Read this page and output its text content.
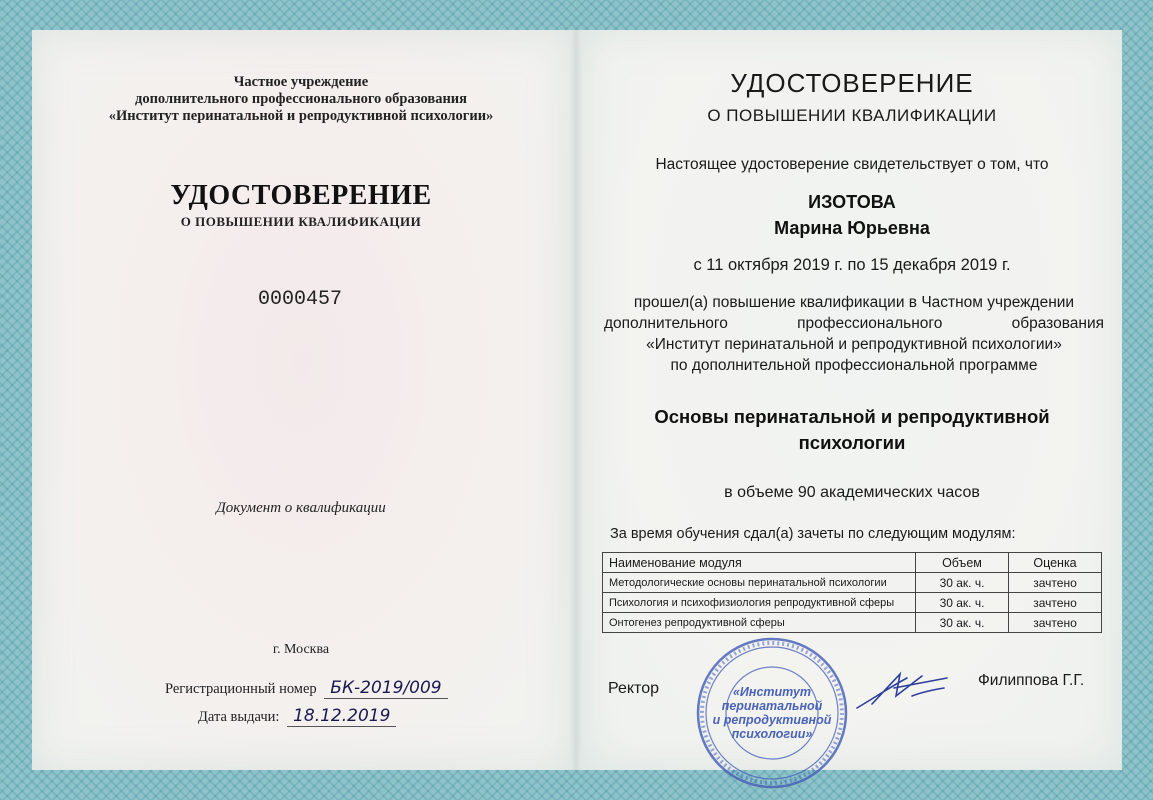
Частное учреждение
дополнительного профессионального образования
«Институт перинатальной и репродуктивной психологии»
УДОСТОВЕРЕНИЕ
О ПОВЫШЕНИИ КВАЛИФИКАЦИИ
0000457
Документ о квалификации
г. Москва
Регистрационный номер БК-2019/009
Дата выдачи: 18.12.2019
УДОСТОВЕРЕНИЕ
О ПОВЫШЕНИИ КВАЛИФИКАЦИИ
Настоящее удостоверение свидетельствует о том, что
ИЗОТОВА
Марина Юрьевна
с 11 октября 2019 г. по 15 декабря 2019 г.
прошел(а) повышение квалификации в Частном учреждении
дополнительного профессионального образования
«Институт перинатальной и репродуктивной психологии»
по дополнительной профессиональной программе
Основы перинатальной и репродуктивной
психологии
в объеме 90 академических часов
За время обучения сдал(а) зачеты по следующим модулям:
Наименование модуля	Объем	Оценка
Методологические основы перинатальной психологии	30 ак. ч.	зачтено
Психология и психофизиология репродуктивной сферы	30 ак. ч.	зачтено
Онтогенез репродуктивной сферы	30 ак. ч.	зачтено
Ректор	«Институт
перинатальной
и репродуктивной
психологии»
Филиппова Г.Г.
